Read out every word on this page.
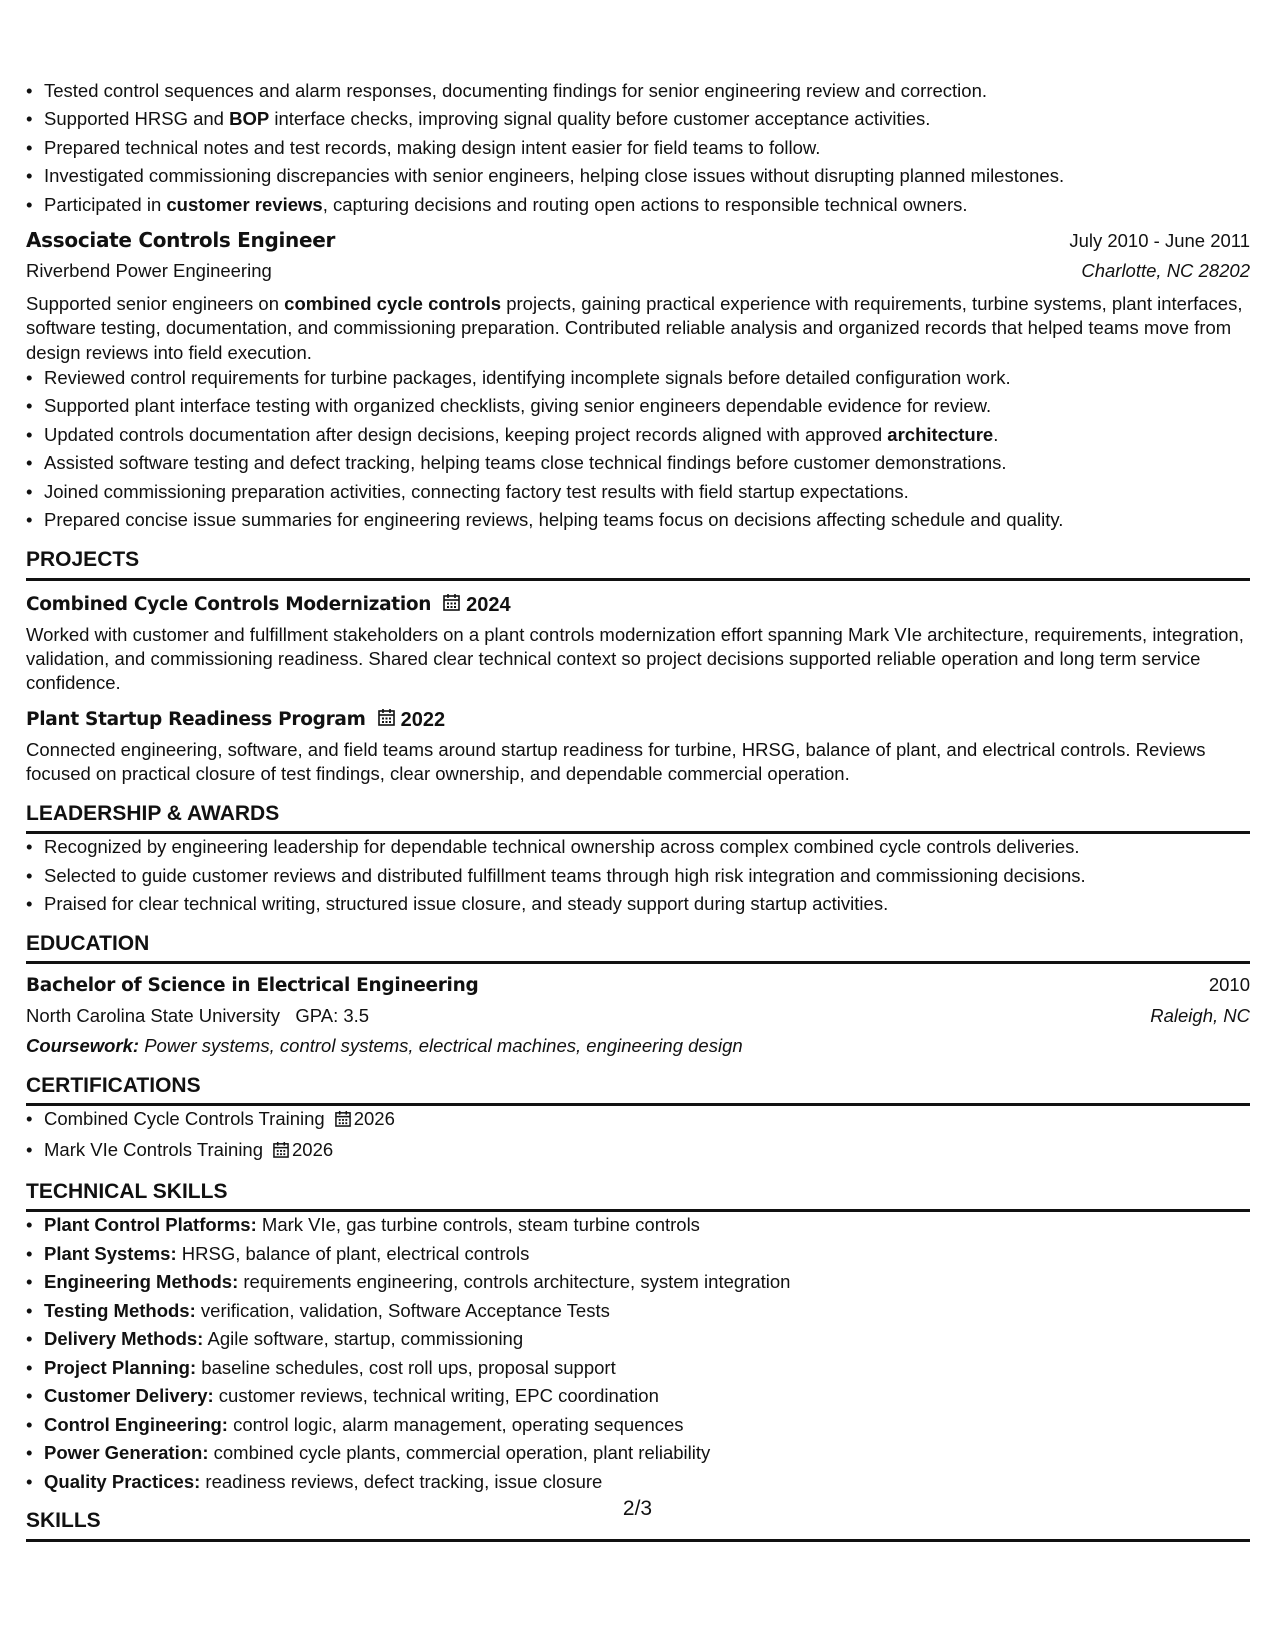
• Tested control sequences and alarm responses, documenting findings for senior engineering review and correction.
• Supported HRSG and BOP interface checks, improving signal quality before customer acceptance activities.
• Prepared technical notes and test records, making design intent easier for field teams to follow.
• Investigated commissioning discrepancies with senior engineers, helping close issues without disrupting planned milestones.
• Participated in customer reviews, capturing decisions and routing open actions to responsible technical owners.
Associate Controls Engineer	July 2010 - June 2011
Riverbend Power Engineering	Charlotte, NC 28202
Supported senior engineers on combined cycle controls projects, gaining practical experience with requirements, turbine systems, plant interfaces, software testing, documentation, and commissioning preparation. Contributed reliable analysis and organized records that helped teams move from design reviews into field execution.
• Reviewed control requirements for turbine packages, identifying incomplete signals before detailed configuration work.
• Supported plant interface testing with organized checklists, giving senior engineers dependable evidence for review.
• Updated controls documentation after design decisions, keeping project records aligned with approved architecture.
• Assisted software testing and defect tracking, helping teams close technical findings before customer demonstrations.
• Joined commissioning preparation activities, connecting factory test results with field startup expectations.
• Prepared concise issue summaries for engineering reviews, helping teams focus on decisions affecting schedule and quality.
PROJECTS
Combined Cycle Controls Modernization 2024
Worked with customer and fulfillment stakeholders on a plant controls modernization effort spanning Mark VIe architecture, requirements, integration, validation, and commissioning readiness. Shared clear technical context so project decisions supported reliable operation and long term service confidence.
Plant Startup Readiness Program 2022
Connected engineering, software, and field teams around startup readiness for turbine, HRSG, balance of plant, and electrical controls. Reviews focused on practical closure of test findings, clear ownership, and dependable commercial operation.
LEADERSHIP & AWARDS
• Recognized by engineering leadership for dependable technical ownership across complex combined cycle controls deliveries.
• Selected to guide customer reviews and distributed fulfillment teams through high risk integration and commissioning decisions.
• Praised for clear technical writing, structured issue closure, and steady support during startup activities.
EDUCATION
Bachelor of Science in Electrical Engineering	2010
North Carolina State University GPA: 3.5	Raleigh, NC
Coursework: Power systems, control systems, electrical machines, engineering design
CERTIFICATIONS
• Combined Cycle Controls Training 2026
• Mark VIe Controls Training 2026
TECHNICAL SKILLS
• Plant Control Platforms: Mark VIe, gas turbine controls, steam turbine controls
• Plant Systems: HRSG, balance of plant, electrical controls
• Engineering Methods: requirements engineering, controls architecture, system integration
• Testing Methods: verification, validation, Software Acceptance Tests
• Delivery Methods: Agile software, startup, commissioning
• Project Planning: baseline schedules, cost roll ups, proposal support
• Customer Delivery: customer reviews, technical writing, EPC coordination
• Control Engineering: control logic, alarm management, operating sequences
• Power Generation: combined cycle plants, commercial operation, plant reliability
• Quality Practices: readiness reviews, defect tracking, issue closure
SKILLS
2/3
